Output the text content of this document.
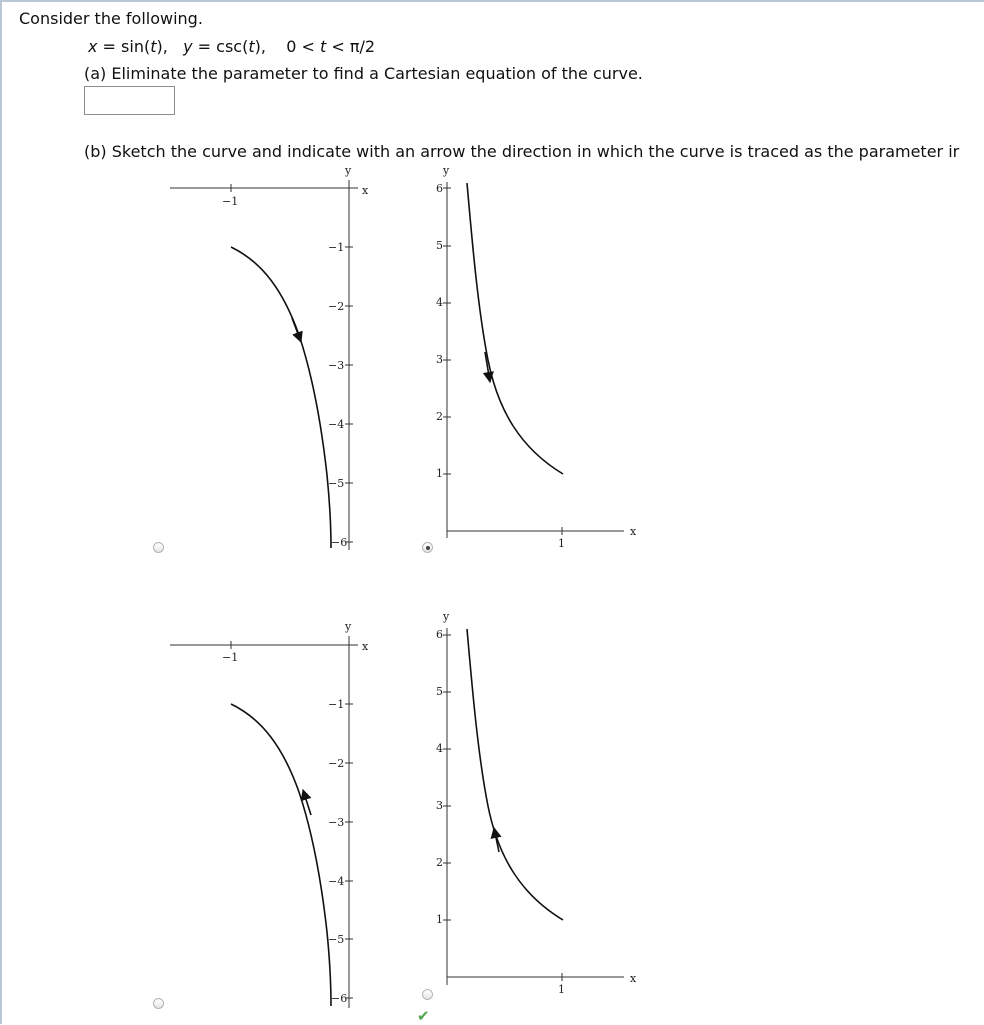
Consider the following.
x = sin(t),   y = csc(t),    0 < t < π/2
(a) Eliminate the parameter to find a Cartesian equation of the curve.
(b) Sketch the curve and indicate with an arrow the direction in which the curve is traced as the parameter ir
y
x
−1
−1
−2
−3
−4
−5
−6
y
x
1
1
2
3
4
5
6
y
x
−1
−1
−2
−3
−4
−5
−6
y
x
1
1
2
3
4
5
6
✔
